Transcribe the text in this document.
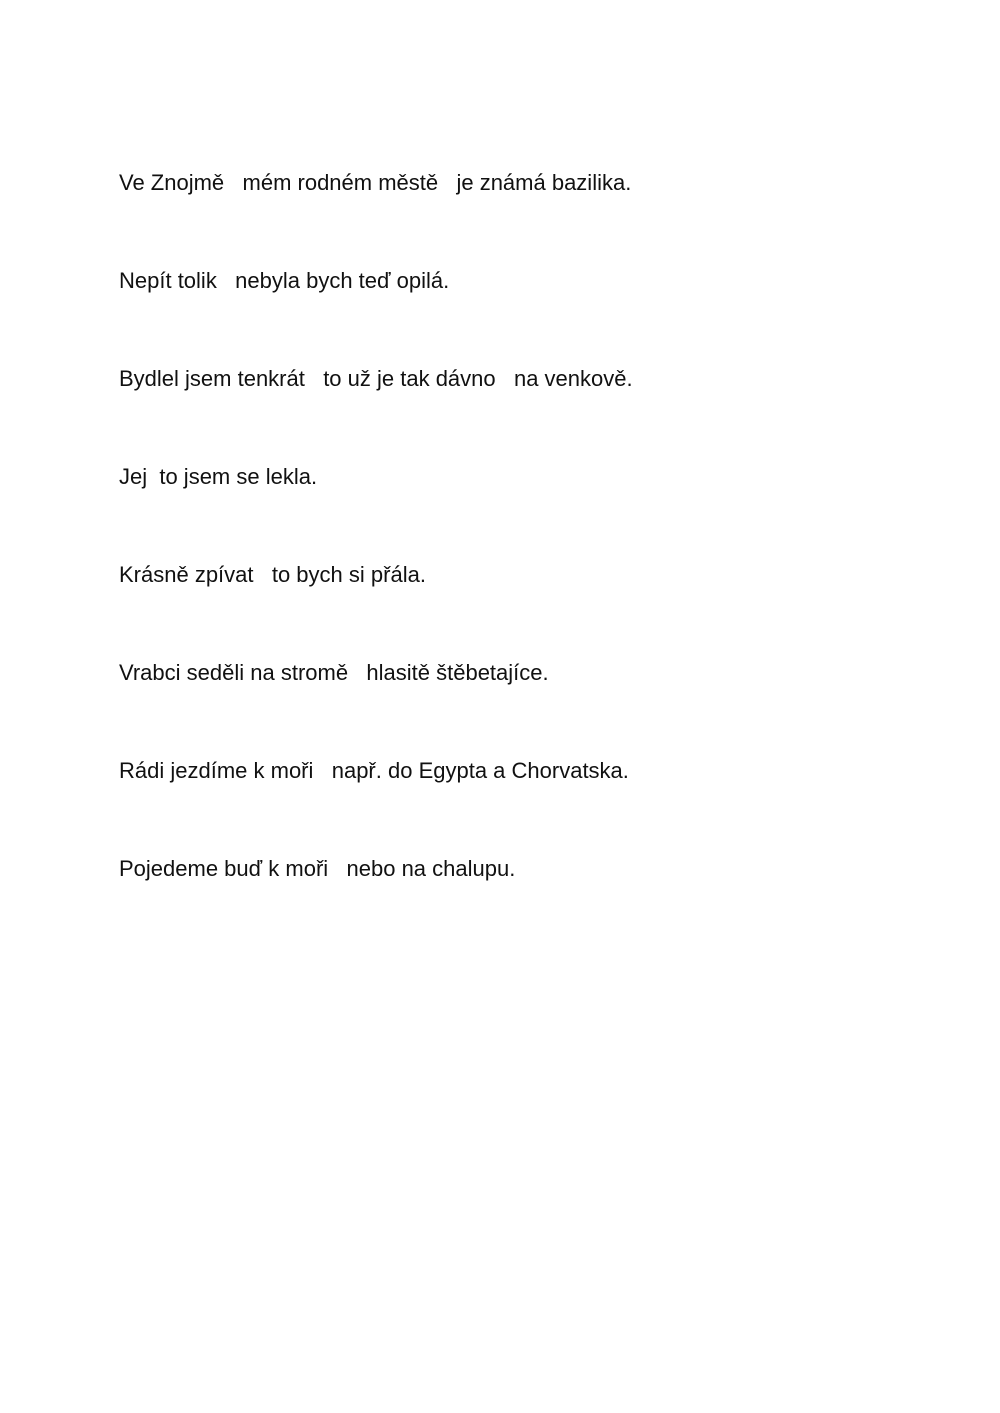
Ve Znojmě   mém rodném městě   je známá bazilika.
Nepít tolik   nebyla bych teď opilá.
Bydlel jsem tenkrát   to už je tak dávno   na venkově.
Jej  to jsem se lekla.
Krásně zpívat   to bych si přála.
Vrabci seděli na stromě   hlasitě štěbetajíce.
Rádi jezdíme k moři   např. do Egypta a Chorvatska.
Pojedeme buď k moři   nebo na chalupu.
